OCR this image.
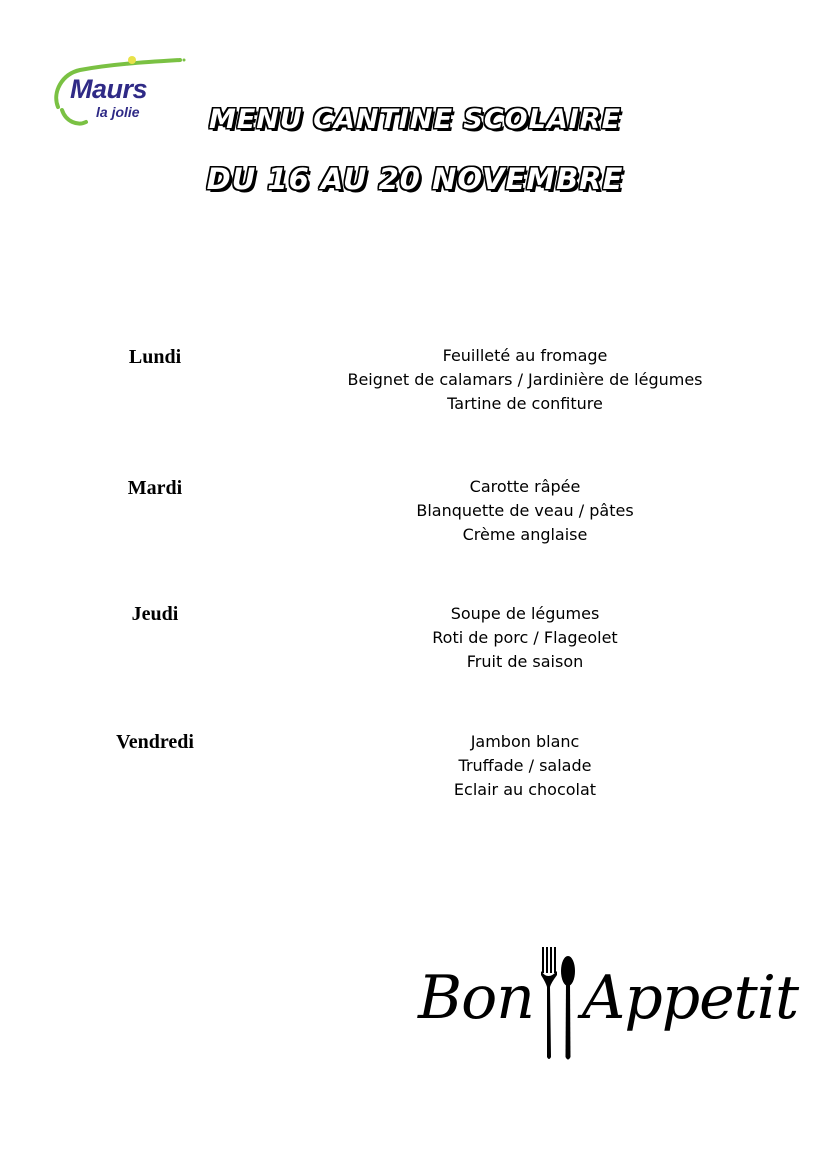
Maurs
la jolie	MENU CANTINE SCOLAIRE
DU 16 AU 20 NOVEMBRE
Lundi	Feuilleté au fromage
Beignet de calamars / Jardinière de légumes
Tartine de confiture
Mardi	Carotte râpée
Blanquette de veau / pâtes
Crème anglaise
Jeudi	Soupe de légumes
Roti de porc / Flageolet
Fruit de saison
Vendredi	Jambon blanc
Truffade / salade
Eclair au chocolat
Bon Appetit
